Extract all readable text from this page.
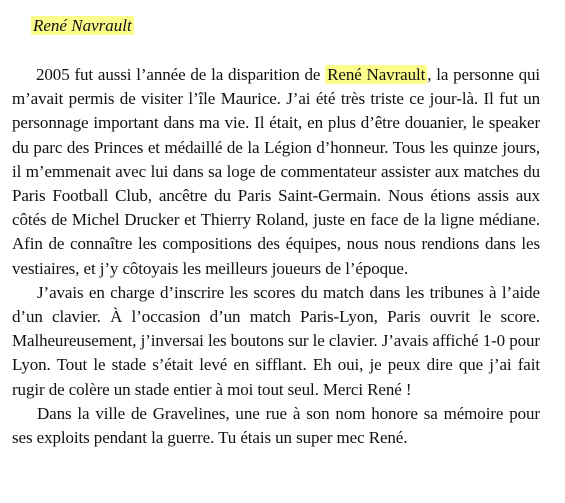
René Navrault

2005 fut aussi l’année de la disparition de René Navrault , la personne qui m’avait permis de visiter l’île Maurice. J’ai été très triste ce jour-là. Il fut un personnage important dans ma vie. Il était, en plus d’être douanier, le speaker du parc des Princes et médaillé de la Légion d’honneur. Tous les quinze jours, il m’emmenait avec lui dans sa loge de commentateur assister aux matches du Paris Football Club, ancêtre du Paris Saint-Germain. Nous étions assis aux côtés de Michel Drucker et Thierry Roland, juste en face de la ligne médiane. Afin de connaître les compositions des équipes, nous nous rendions dans les vestiaires, et j’y côtoyais les meilleurs joueurs de l’époque.

J’avais en charge d’inscrire les scores du match dans les tribunes à l’aide d’un clavier. À l’occasion d’un match Paris-Lyon, Paris ouvrit le score. Malheureusement, j’inversai les boutons sur le clavier. J’avais affiché 1-0 pour Lyon. Tout le stade s’était levé en sifflant. Eh oui, je peux dire que j’ai fait rugir de colère un stade entier à moi tout seul. Merci René !

Dans la ville de Gravelines, une rue à son nom honore sa mémoire pour ses exploits pendant la guerre. Tu étais un super mec René.
